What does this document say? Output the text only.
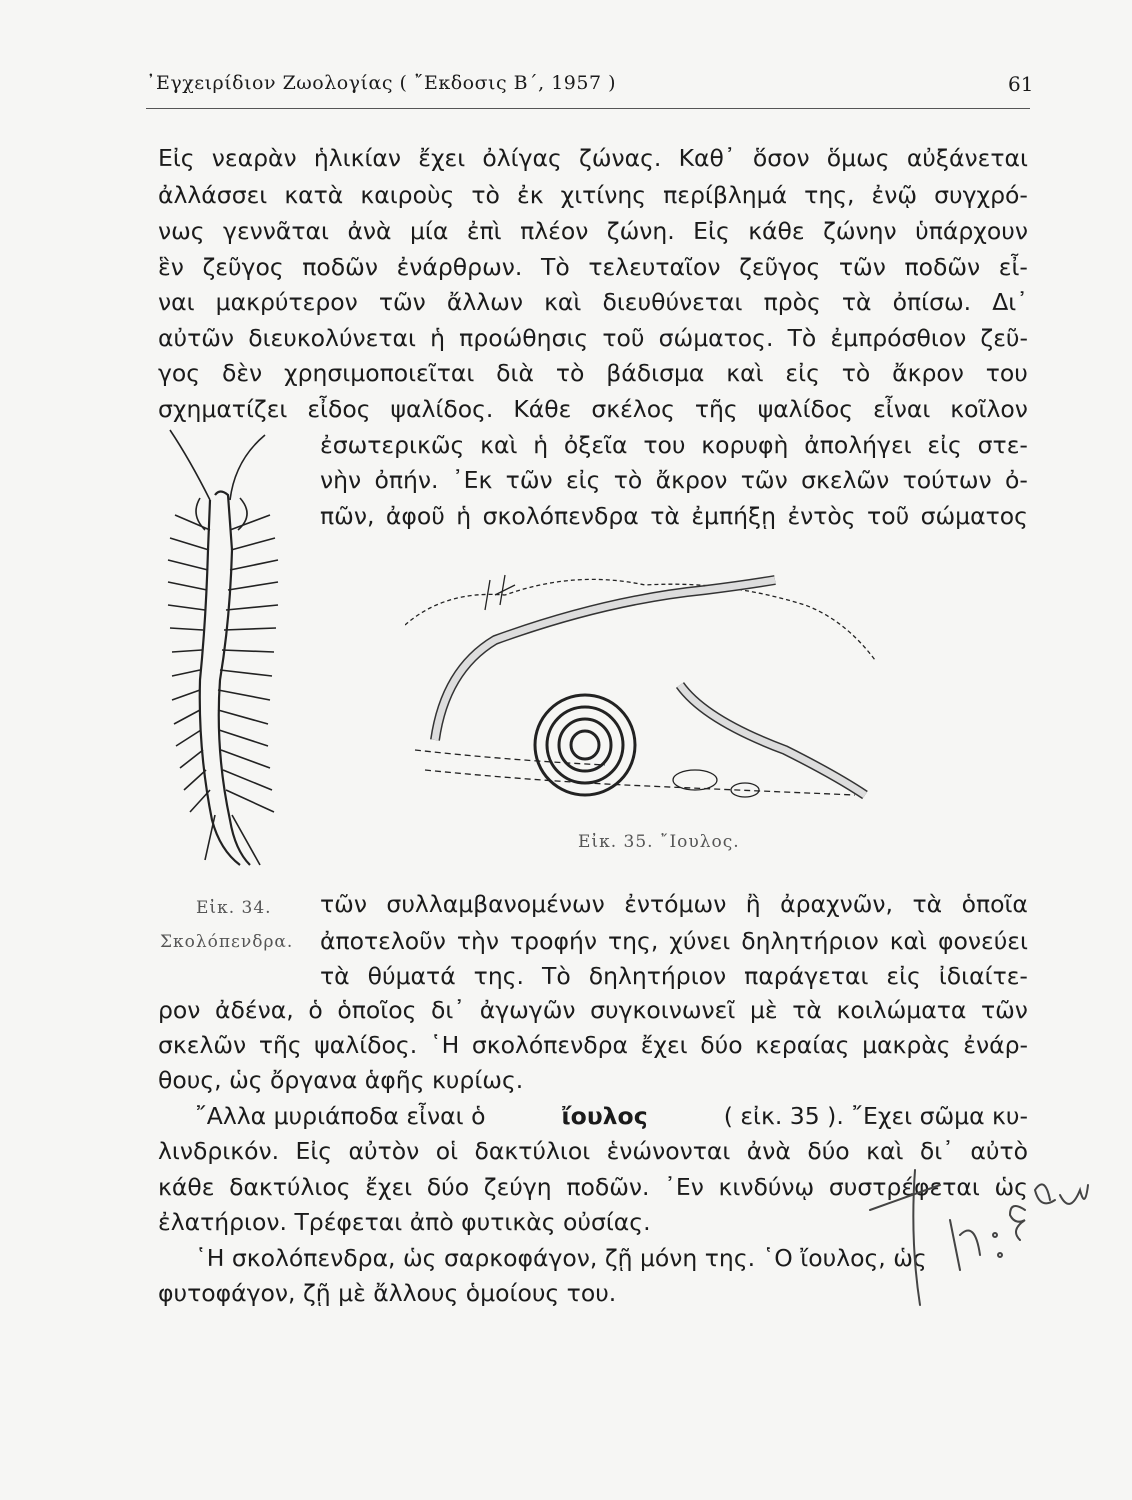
᾿Εγχειρίδιον Ζωολογίας ( ῎Εκδοσις Β΄, 1957 )	61
Εἰς νεαρὰν ἡλικίαν ἔχει ὀλίγας ζώνας. Καθ᾿ ὅσον ὅμως αὐξάνεται
ἀλλάσσει κατὰ καιροὺς τὸ ἐκ χιτίνης περίβλημά της, ἐνῷ συγχρό-
νως γεννᾶται ἀνὰ μία ἐπὶ πλέον ζώνη. Εἰς κάθε ζώνην ὑπάρχουν
ἓν ζεῦγος ποδῶν ἐνάρθρων. Τὸ τελευταῖον ζεῦγος τῶν ποδῶν εἶ-
ναι μακρύτερον τῶν ἄλλων καὶ διευθύνεται πρὸς τὰ ὀπίσω. Δι᾿
αὐτῶν διευκολύνεται ἡ προώθησις τοῦ σώματος. Τὸ ἐμπρόσθιον ζεῦ-
γος δὲν χρησιμοποιεῖται διὰ τὸ βάδισμα καὶ εἰς τὸ ἄκρον του
σχηματίζει εἶδος ψαλίδος. Κάθε σκέλος τῆς ψαλίδος εἶναι κοῖλον
ἐσωτερικῶς καὶ ἡ ὀξεῖα του κορυφὴ ἀπολήγει εἰς στε-
νὴν ὀπήν. ᾿Εκ τῶν εἰς τὸ ἄκρον τῶν σκελῶν τούτων ὀ-
πῶν, ἀφοῦ ἡ σκολόπενδρα τὰ ἐμπήξῃ ἐντὸς τοῦ σώματος
Εἰκ. 34.
Σκολόπενδρα.
Εἰκ. 35. ῎Ιουλος.
τῶν συλλαμβανομένων ἐντόμων ἢ ἀραχνῶν, τὰ ὁποῖα
ἀποτελοῦν τὴν τροφήν της, χύνει δηλητήριον καὶ φονεύει
τὰ θύματά της. Τὸ δηλητήριον παράγεται εἰς ἰδιαίτε-
ρον ἀδένα, ὁ ὁποῖος δι᾿ ἀγωγῶν συγκοινωνεῖ μὲ τὰ κοιλώματα τῶν
σκελῶν τῆς ψαλίδος. ῾Η σκολόπενδρα ἔχει δύο κεραίας μακρὰς ἐνάρ-
θους, ὡς ὄργανα ἁφῆς κυρίως.
῎Αλλα μυριάποδα εἶναι ὁ	ἴουλος	( εἰκ. 35 ). ῎Εχει σῶμα κυ-
λινδρικόν. Εἰς αὐτὸν οἱ δακτύλιοι ἑνώνονται ἀνὰ δύο καὶ δι᾿ αὐτὸ
κάθε δακτύλιος ἔχει δύο ζεύγη ποδῶν. ᾿Εν κινδύνῳ συστρέφεται ὡς
ἐλατήριον. Τρέφεται ἀπὸ φυτικὰς οὐσίας.
῾Η σκολόπενδρα, ὡς σαρκοφάγον, ζῇ μόνη της. ῾Ο ἴουλος, ὡς
φυτοφάγον, ζῇ μὲ ἄλλους ὁμοίους του.
